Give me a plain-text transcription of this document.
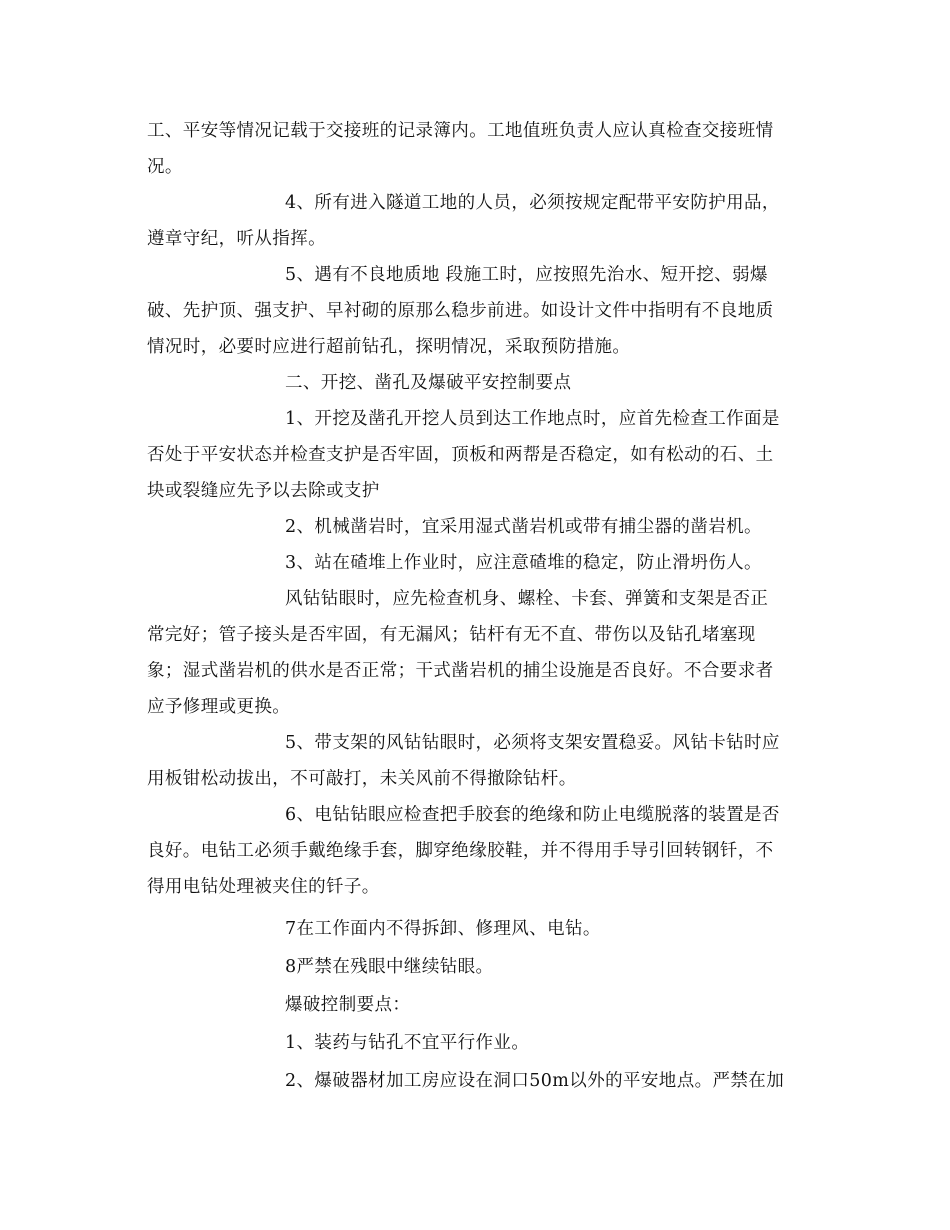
工、平安等情况记载于交接班的记录簿内。工地值班负责人应认真检查交接班情
况。
4、所有进入隧道工地的人员，必须按规定配带平安防护用品，
遵章守纪，听从指挥。
5、遇有不良地质地 段施工时，应按照先治水、短开挖、弱爆
破、先护顶、强支护、早衬砌的原那么稳步前进。如设计文件中指明有不良地质
情况时，必要时应进行超前钻孔，探明情况，采取预防措施。
二、开挖、凿孔及爆破平安控制要点
1、开挖及凿孔开挖人员到达工作地点时，应首先检查工作面是
否处于平安状态并检查支护是否牢固，顶板和两帮是否稳定，如有松动的石、土
块或裂缝应先予以去除或支护
2、机械凿岩时，宜采用湿式凿岩机或带有捕尘器的凿岩机。
3、站在碴堆上作业时，应注意碴堆的稳定，防止滑坍伤人。
风钻钻眼时，应先检查机身、螺栓、卡套、弹簧和支架是否正
常完好；管子接头是否牢固，有无漏风；钻杆有无不直、带伤以及钻孔堵塞现
象；湿式凿岩机的供水是否正常；干式凿岩机的捕尘设施是否良好。不合要求者
应予修理或更换。
5、带支架的风钻钻眼时，必须将支架安置稳妥。风钻卡钻时应
用板钳松动拔出，不可敲打，未关风前不得撤除钻杆。
6、电钻钻眼应检查把手胶套的绝缘和防止电缆脱落的装置是否
良好。电钻工必须手戴绝缘手套，脚穿绝缘胶鞋，并不得用手导引回转钢钎，不
得用电钻处理被夹住的钎子。
7在工作面内不得拆卸、修理风、电钻。
8严禁在残眼中继续钻眼。
爆破控制要点：
1、装药与钻孔不宜平行作业。
2、爆破器材加工房应设在洞口50m以外的平安地点。严禁在加
